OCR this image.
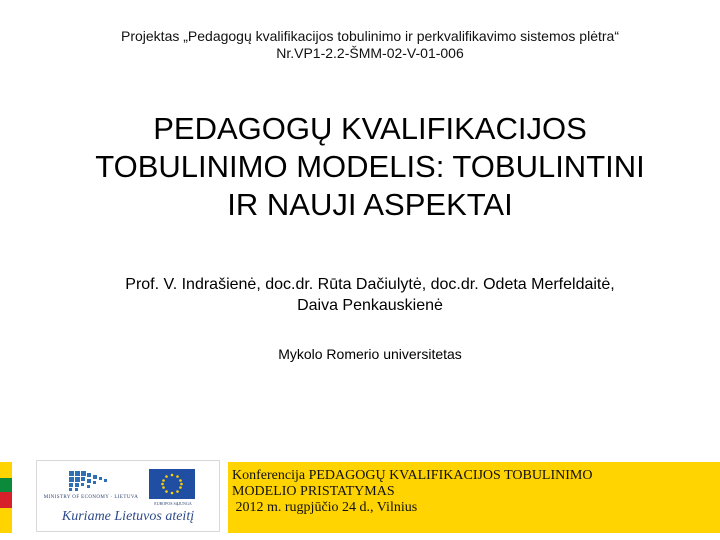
Projektas „Pedagogų kvalifikacijos tobulinimo ir perkvalifikavimo sistemos plėtra“
Nr.VP1-2.2-ŠMM-02-V-01-006
PEDAGOGŲ KVALIFIKACIJOS
TOBULINIMO MODELIS: TOBULINTINI
IR NAUJI ASPEKTAI
Prof. V. Indrašienė, doc.dr. Rūta Dačiulytė, doc.dr. Odeta Merfeldaitė,
Daiva Penkauskienė
Mykolo Romerio universitetas
MINISTRY OF ECONOMY · LIETUVA
EUROPOS SĄJUNGA
Kuriame Lietuvos ateitį
Konferencija PEDAGOGŲ KVALIFIKACIJOS TOBULINIMO
MODELIO PRISTATYMAS
2012 m. rugpjūčio 24 d., Vilnius
